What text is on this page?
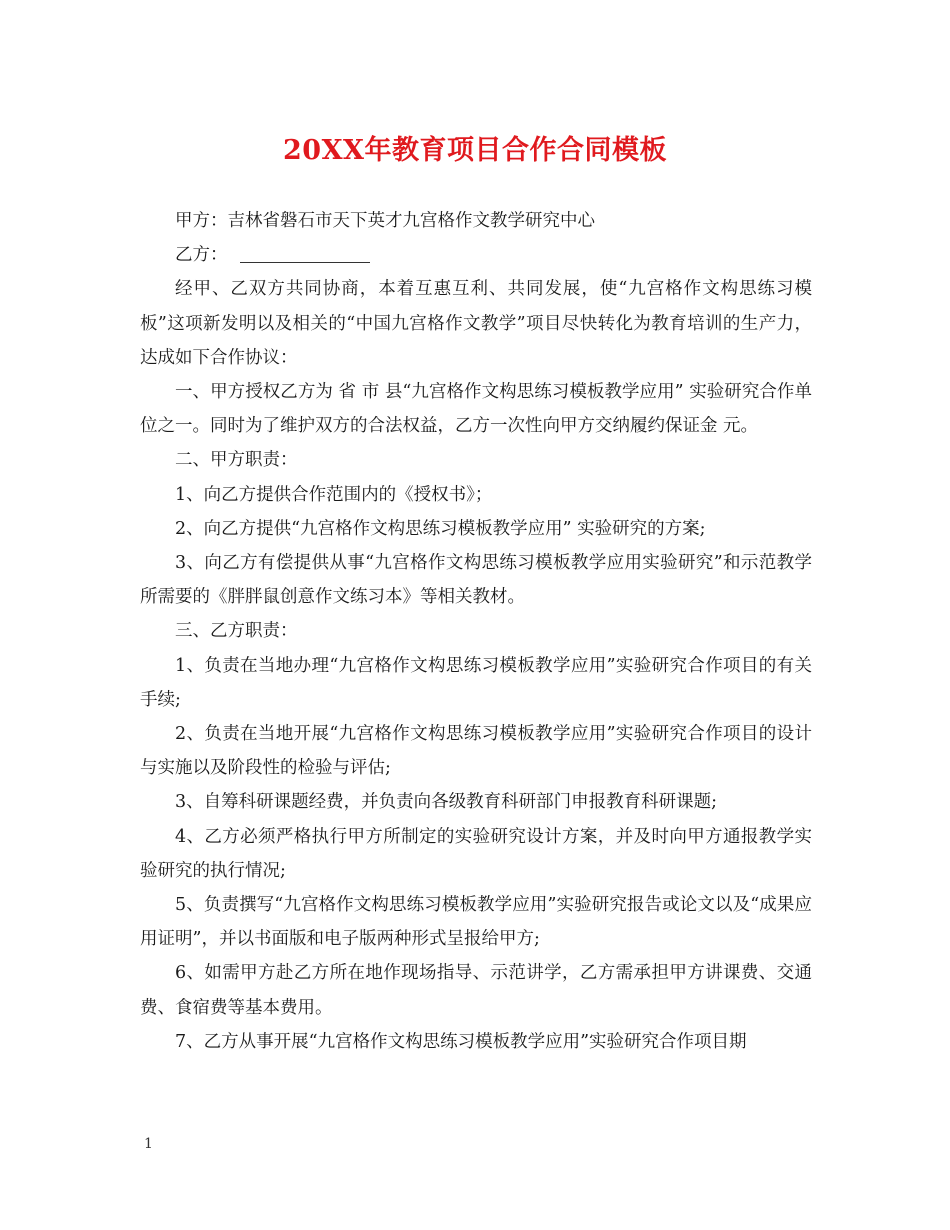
20XX年教育项目合作合同模板

甲方：吉林省磐石市天下英才九宫格作文教学研究中心

乙方：

经甲、乙双方共同协商，本着互惠互利、共同发展，使“九宫格作文构思练习模板”这项新发明以及相关的“中国九宫格作文教学”项目尽快转化为教育培训的生产力，达成如下合作协议：

一、甲方授权乙方为 省 市 县“九宫格作文构思练习模板教学应用” 实验研究合作单位之一。同时为了维护双方的合法权益，乙方一次性向甲方交纳履约保证金 元。

二、甲方职责：

1、向乙方提供合作范围内的《授权书》；

2、向乙方提供“九宫格作文构思练习模板教学应用” 实验研究的方案;

3、向乙方有偿提供从事“九宫格作文构思练习模板教学应用实验研究”和示范教学所需要的《胖胖鼠创意作文练习本》等相关教材。

三、乙方职责：

1、负责在当地办理“九宫格作文构思练习模板教学应用”实验研究合作项目的有关手续;

2、负责在当地开展“九宫格作文构思练习模板教学应用”实验研究合作项目的设计与实施以及阶段性的检验与评估;

3、自筹科研课题经费，并负责向各级教育科研部门申报教育科研课题;

4、乙方必须严格执行甲方所制定的实验研究设计方案，并及时向甲方通报教学实验研究的执行情况;

5、负责撰写“九宫格作文构思练习模板教学应用”实验研究报告或论文以及“成果应用证明”，并以书面版和电子版两种形式呈报给甲方;

6、如需甲方赴乙方所在地作现场指导、示范讲学，乙方需承担甲方讲课费、交通费、食宿费等基本费用。

7、乙方从事开展“九宫格作文构思练习模板教学应用”实验研究合作项目期

1
